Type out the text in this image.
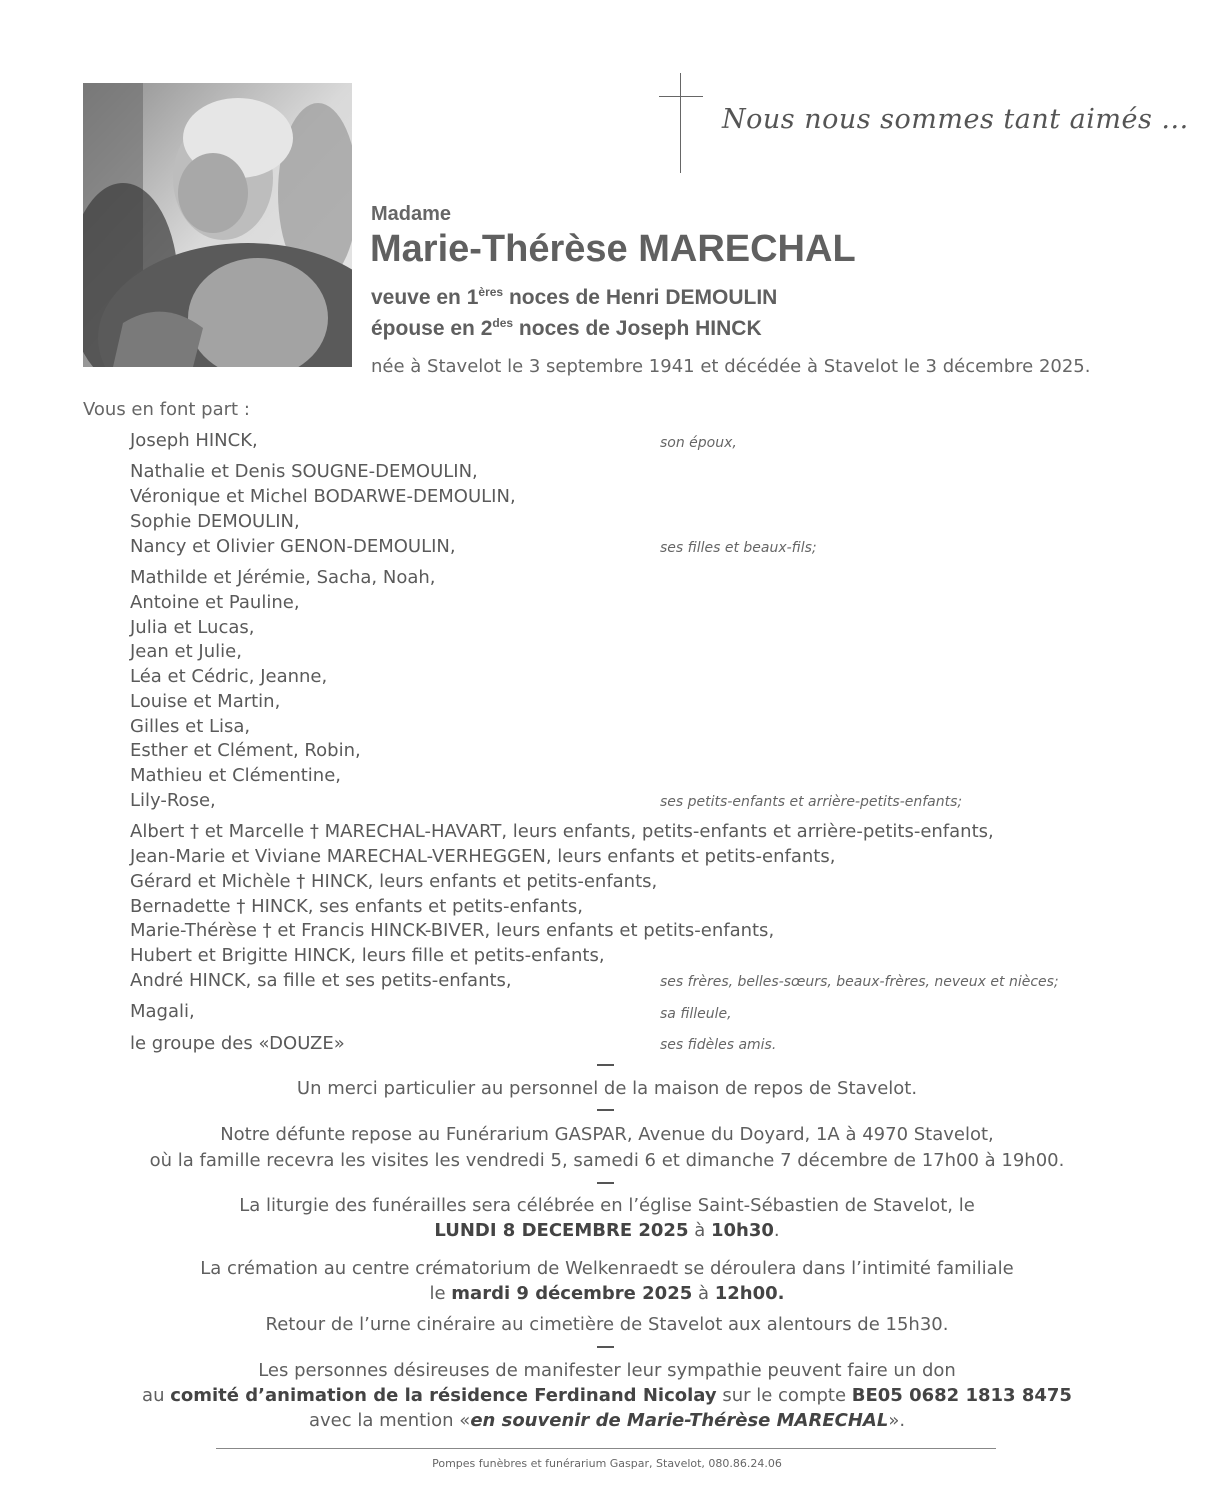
Nous nous sommes tant aimés ...
Madame
Marie-Thérèse MARECHAL
veuve en 1ères noces de Henri DEMOULIN
épouse en $2^{des}$ noces de Joseph HINCK
née à Stavelot le 3 septembre 1941 et décédée à Stavelot le 3 décembre 2025.
Vous en font part :
Joseph HINCK,	son époux,
Nathalie et Denis SOUGNE-DEMOULIN,
Véronique et Michel BODARWE-DEMOULIN,
Sophie DEMOULIN,
Nancy et Olivier GENON-DEMOULIN,	ses filles et beaux-fils;
Mathilde et Jérémie, Sacha, Noah,
Antoine et Pauline,
Julia et Lucas,
Jean et Julie,
Léa et Cédric, Jeanne,
Louise et Martin,
Gilles et Lisa,
Esther et Clément, Robin,
Mathieu et Clémentine,
Lily-Rose,	ses petits-enfants et arrière-petits-enfants;
Albert † et Marcelle † MARECHAL-HAVART, leurs enfants, petits-enfants et arrière-petits-enfants,
Jean-Marie et Viviane MARECHAL-VERHEGGEN, leurs enfants et petits-enfants,
Gérard et Michèle † HINCK, leurs enfants et petits-enfants,
Bernadette † HINCK, ses enfants et petits-enfants,
Marie-Thérèse † et Francis HINCK-BIVER, leurs enfants et petits-enfants,
Hubert et Brigitte HINCK, leurs fille et petits-enfants,
André HINCK, sa fille et ses petits-enfants,	ses frères, belles-sœurs, beaux-frères, neveux et nièces;
Magali,	sa filleule,
le groupe des «DOUZE»	ses fidèles amis.
Un merci particulier au personnel de la maison de repos de Stavelot.
Notre défunte repose au Funérarium GASPAR, Avenue du Doyard, 1A à 4970 Stavelot,
où la famille recevra les visites les vendredi 5, samedi 6 et dimanche 7 décembre de 17h00 à 19h00.
La liturgie des funérailles sera célébrée en l’église Saint-Sébastien de Stavelot, le
LUNDI 8 DECEMBRE 2025 à 10h30.
La crémation au centre crématorium de Welkenraedt se déroulera dans l’intimité familiale
le mardi 9 décembre 2025 à 12h00.
Retour de l’urne cinéraire au cimetière de Stavelot aux alentours de 15h30.
Les personnes désireuses de manifester leur sympathie peuvent faire un don
au comité d’animation de la résidence Ferdinand Nicolay sur le compte BE05 0682 1813 8475
avec la mention «en souvenir de Marie-Thérèse MARECHAL».
Pompes funèbres et funérarium Gaspar, Stavelot, 080.86.24.06
